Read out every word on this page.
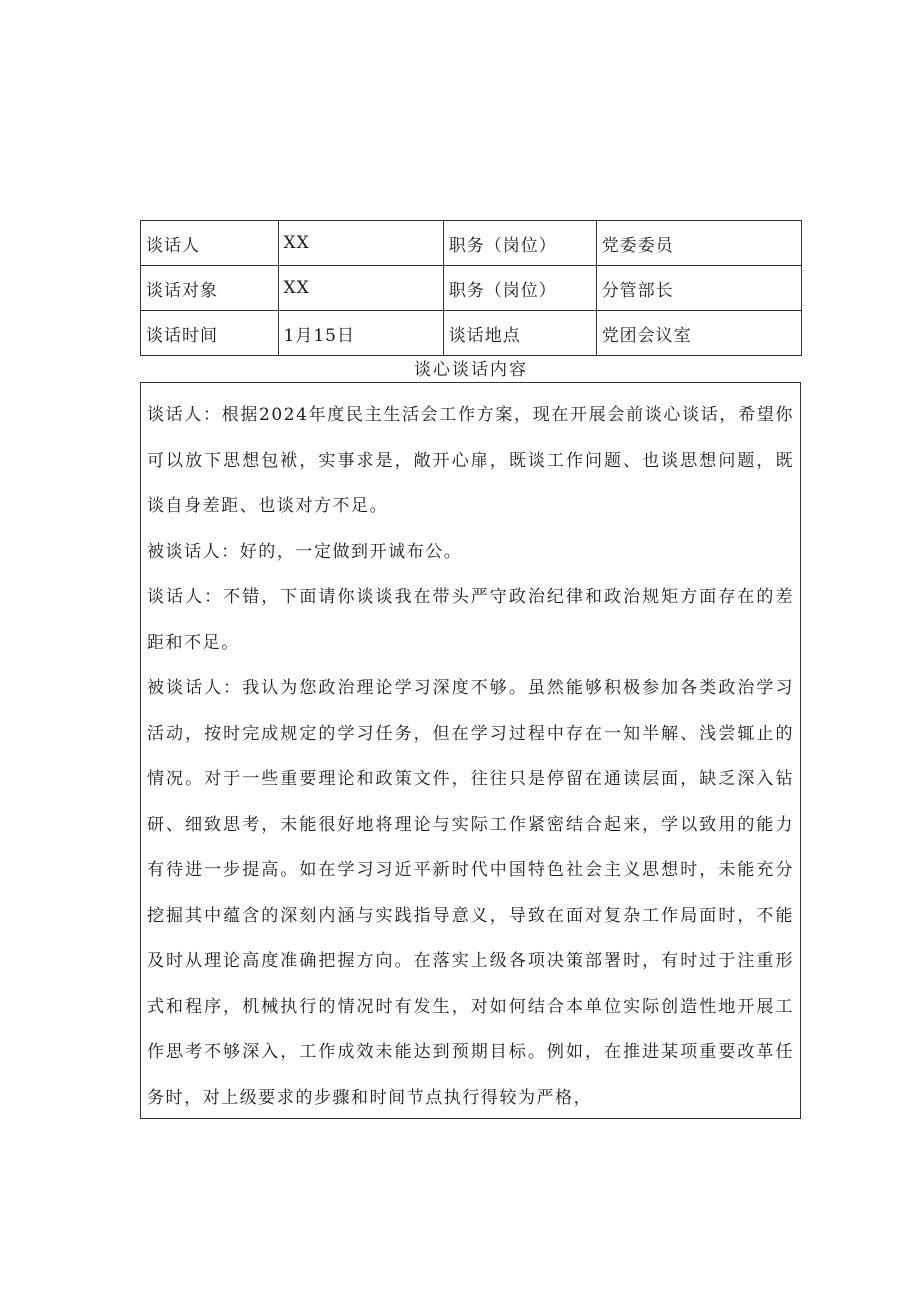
谈话人	XX	职务（岗位）	党委委员
谈话对象	XX	职务（岗位）	分管部长
谈话时间	1月15日	谈话地点	党团会议室
谈心谈话内容

谈话人：根据2024年度民主生活会工作方案，现在开展会前谈心谈话，希望你可以放下思想包袱，实事求是，敞开心扉，既谈工作问题、也谈思想问题，既谈自身差距、也谈对方不足。

被谈话人：好的，一定做到开诚布公。

谈话人：不错，下面请你谈谈我在带头严守政治纪律和政治规矩方面存在的差距和不足。

被谈话人：我认为您政治理论学习深度不够。虽然能够积极参加各类政治学习活动，按时完成规定的学习任务，但在学习过程中存在一知半解、浅尝辄止的情况。对于一些重要理论和政策文件，往往只是停留在通读层面，缺乏深入钻研、细致思考，未能很好地将理论与实际工作紧密结合起来，学以致用的能力有待进一步提高。如在学习习近平新时代中国特色社会主义思想时，未能充分挖掘其中蕴含的深刻内涵与实践指导意义，导致在面对复杂工作局面时，不能及时从理论高度准确把握方向。在落实上级各项决策部署时，有时过于注重形式和程序，机械执行的情况时有发生，对如何结合本单位实际创造性地开展工作思考不够深入，工作成效未能达到预期目标。例如，在推进某项重要改革任务时，对上级要求的步骤和时间节点执行得较为严格，
